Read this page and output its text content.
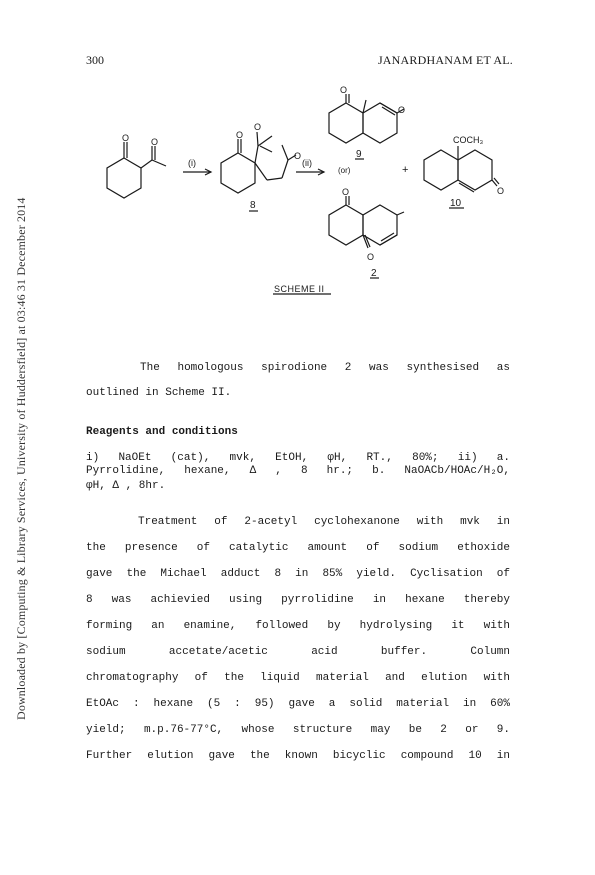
300	JANARDHANAM ET AL.
Downloaded by [Computing & Library Services, University of Huddersfield] at 03:46 31 December 2014
O O
(i)
O
O
O
8
(ii)
(or)
O
O
9
O
O
2
+
COCH₃
O
10
SCHEME II
The homologous spirodione 2 was synthesised as
outlined in Scheme II.
Reagents and conditions
i) NaOEt (cat), mvk, EtOH, φH, RT., 80%; ii) a.
Pyrrolidine, hexane, Δ , 8 hr.; b. NaOACb/HOAc/H₂O,
φH, Δ , 8hr.
Treatment of 2-acetyl cyclohexanone with mvk in
the presence of catalytic amount of sodium ethoxide
gave the Michael adduct 8 in 85% yield. Cyclisation of
8 was achievied using pyrrolidine in hexane thereby
forming an enamine, followed by hydrolysing it with
sodium accetate/acetic acid buffer. Column
chromatography of the liquid material and elution with
EtOAc : hexane (5 : 95) gave a solid material in 60%
yield; m.p.76-77°C, whose structure may be 2 or 9.
Further elution gave the known bicyclic compound 10 in
